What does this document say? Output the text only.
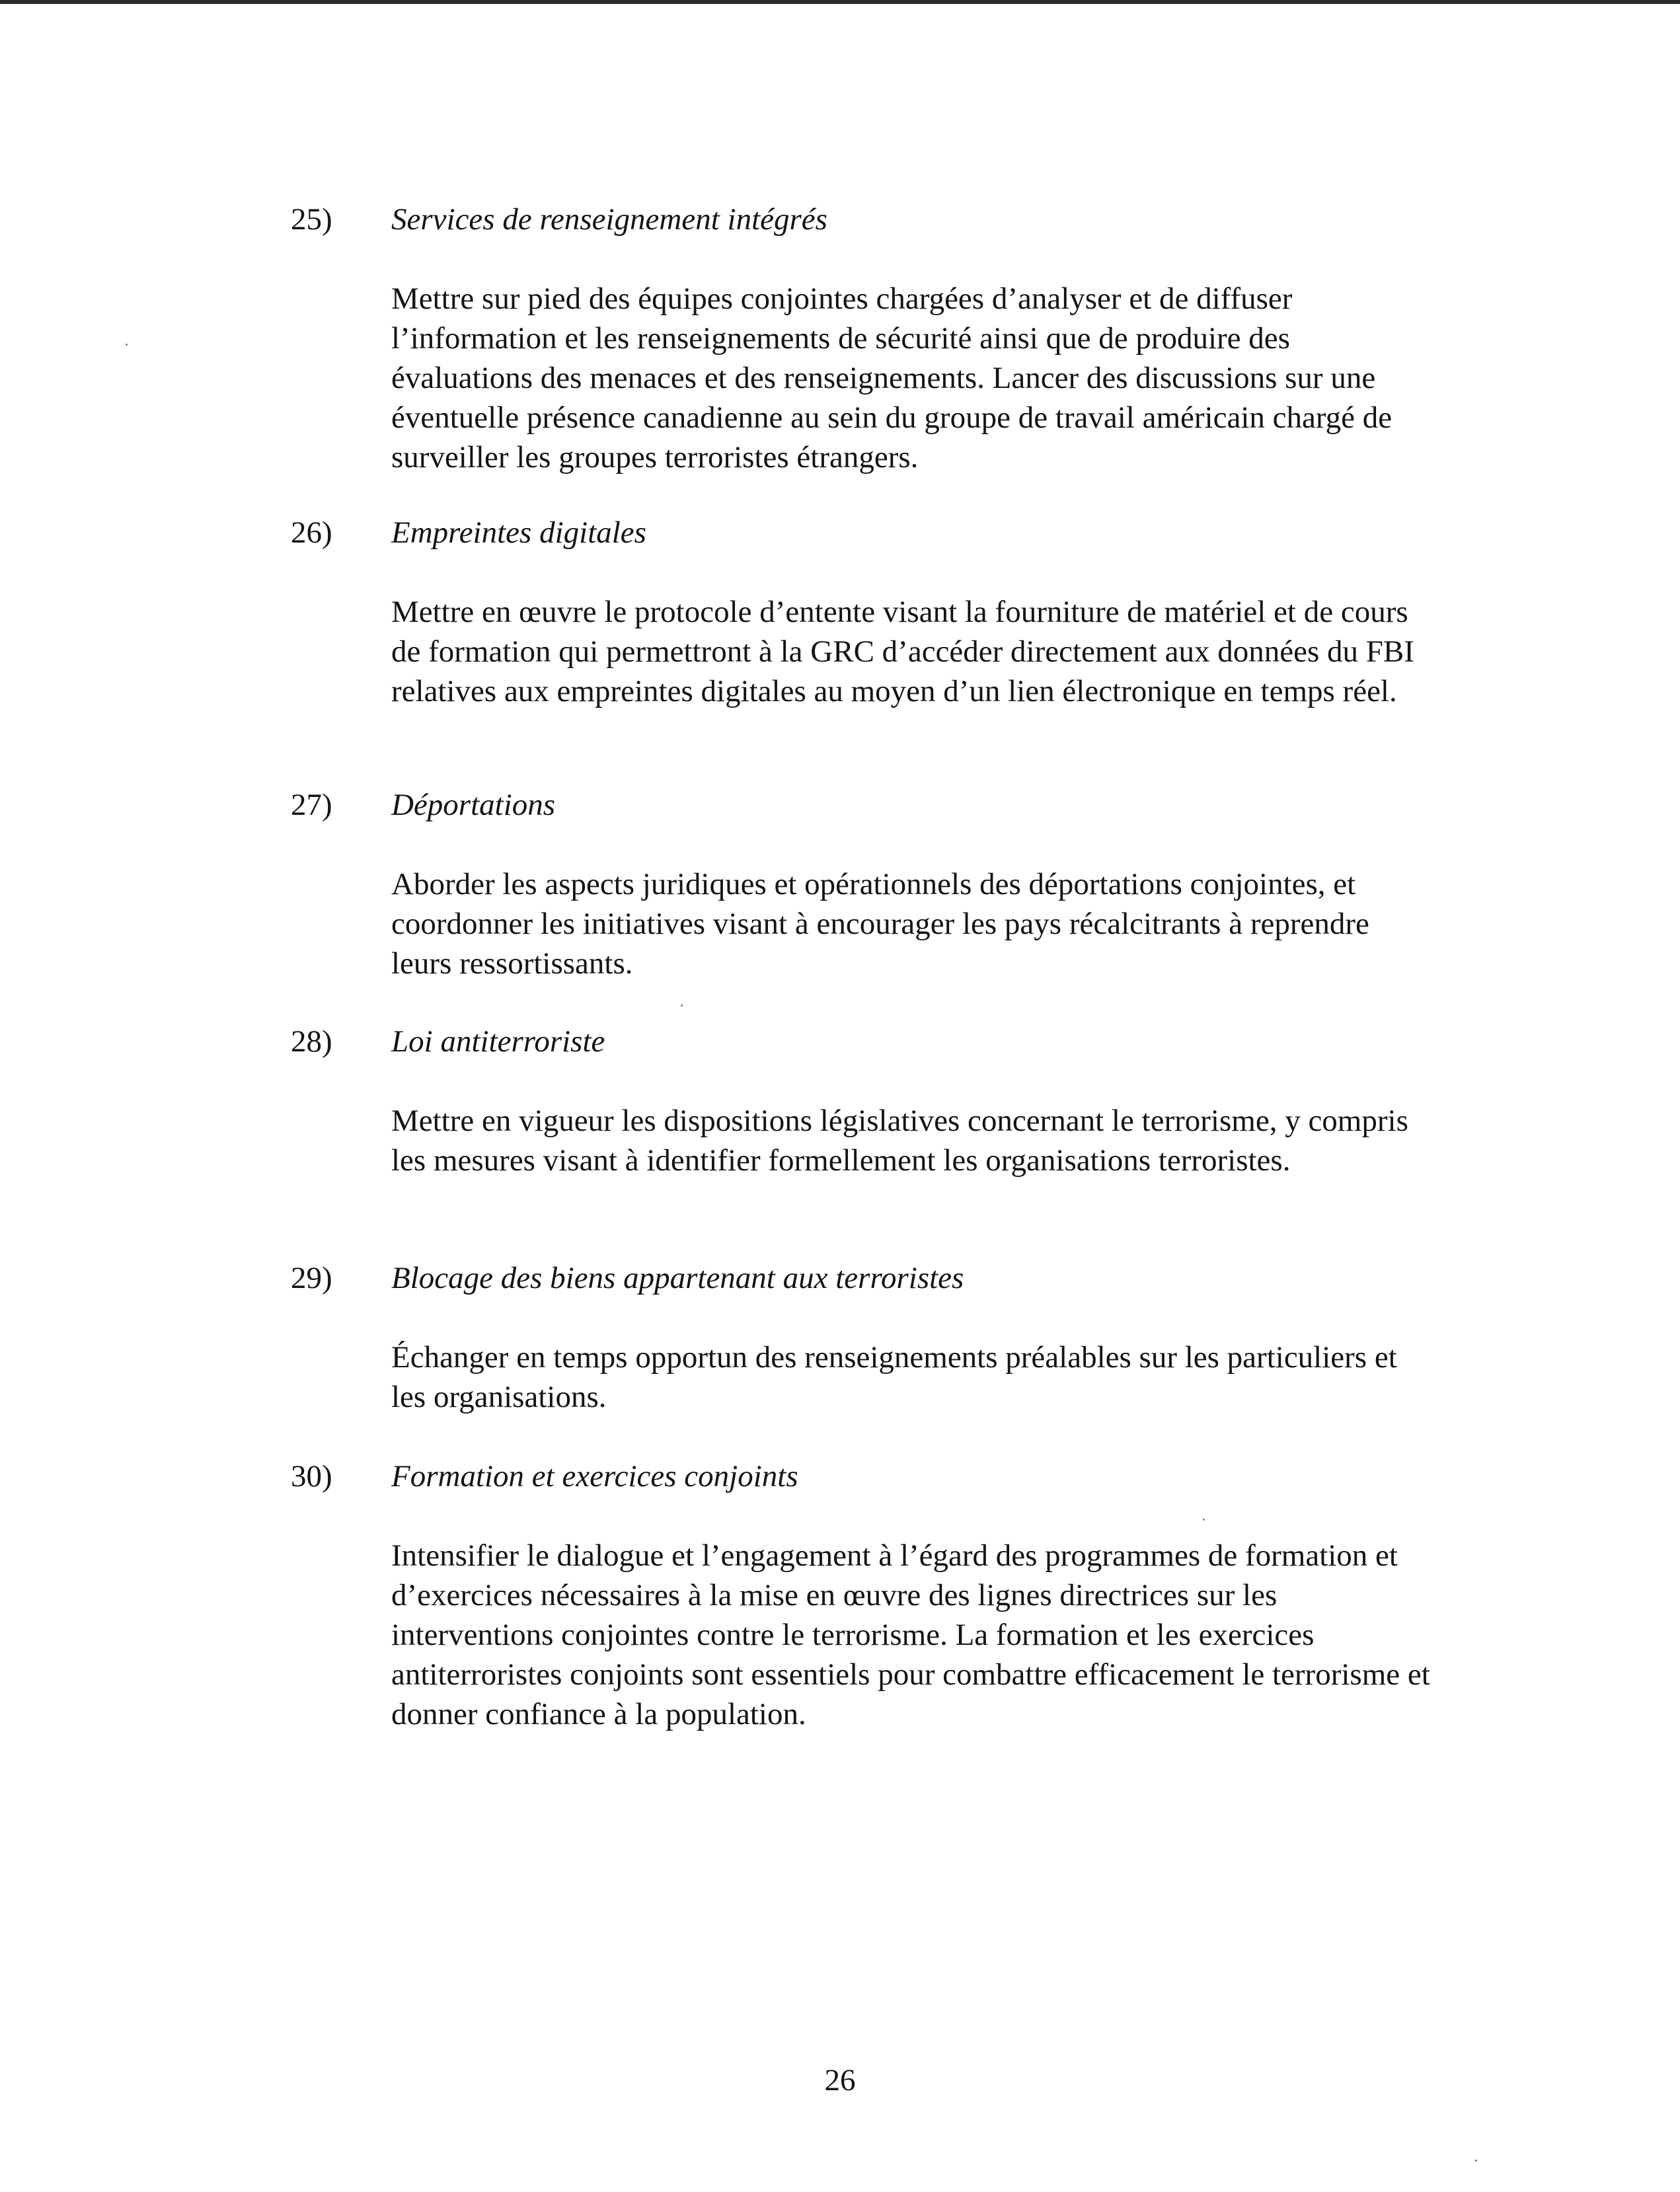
25) Services de renseignement intégrés

Mettre sur pied des équipes conjointes chargées d’analyser et de diffuser l’information et les renseignements de sécurité ainsi que de produire des évaluations des menaces et des renseignements. Lancer des discussions sur une éventuelle présence canadienne au sein du groupe de travail américain chargé de surveiller les groupes terroristes étrangers.

26) Empreintes digitales

Mettre en œuvre le protocole d’entente visant la fourniture de matériel et de cours de formation qui permettront à la GRC d’accéder directement aux données du FBI relatives aux empreintes digitales au moyen d’un lien électronique en temps réel.

27) Déportations

Aborder les aspects juridiques et opérationnels des déportations conjointes, et coordonner les initiatives visant à encourager les pays récalcitrants à reprendre leurs ressortissants.

28) Loi antiterroriste

Mettre en vigueur les dispositions législatives concernant le terrorisme, y compris les mesures visant à identifier formellement les organisations terroristes.

29) Blocage des biens appartenant aux terroristes

Échanger en temps opportun des renseignements préalables sur les particuliers et les organisations.

30) Formation et exercices conjoints

Intensifier le dialogue et l’engagement à l’égard des programmes de formation et d’exercices nécessaires à la mise en œuvre des lignes directrices sur les interventions conjointes contre le terrorisme. La formation et les exercices antiterroristes conjoints sont essentiels pour combattre efficacement le terrorisme et donner confiance à la population.

26
